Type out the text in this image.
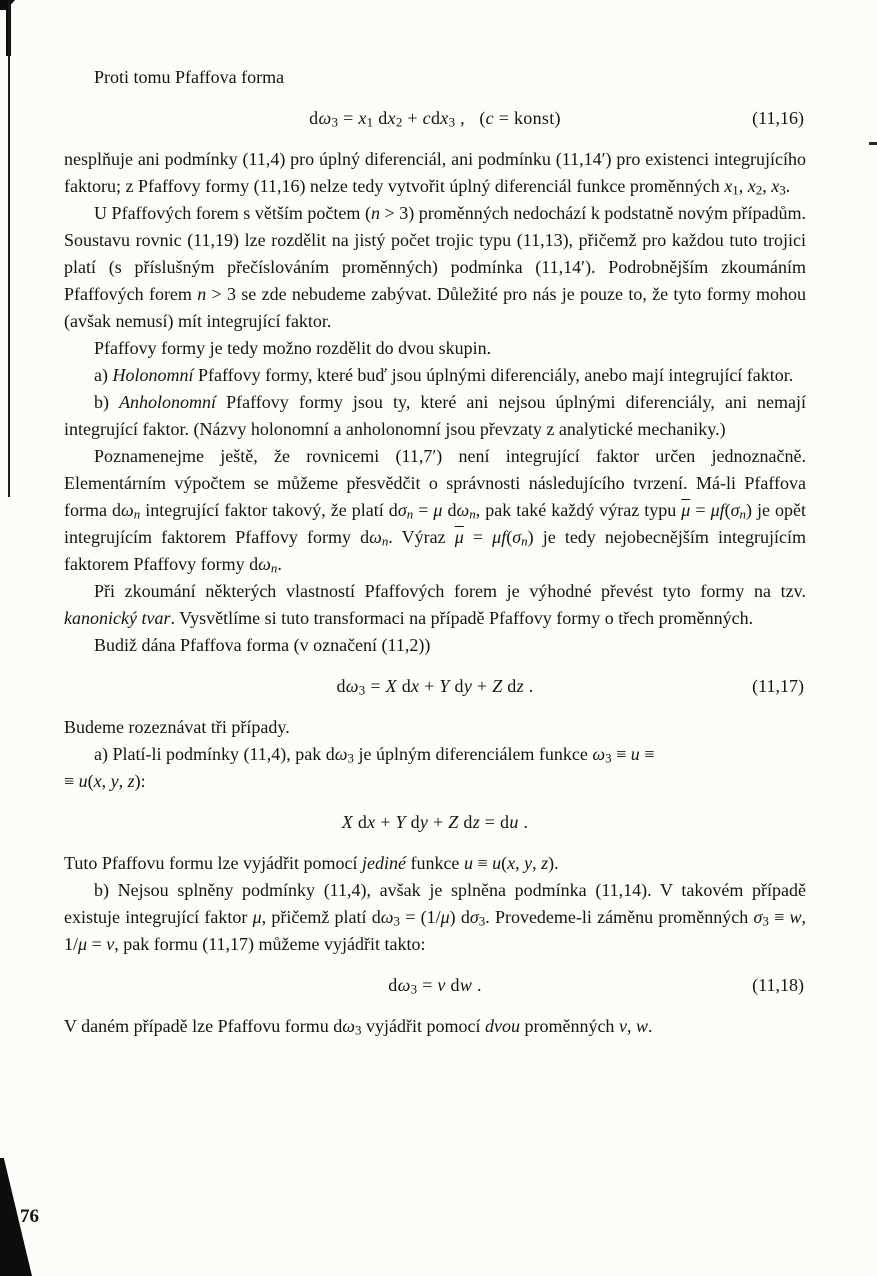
Proti tomu Pfaffova forma

$d\omega_3 = x_1$ $dx_2 + cdx_3$ ,   (c = konst)	(11,16)

nesplňuje ani podmínky (11,4) pro úplný diferenciál, ani podmínku (11,14′) pro existenci integrujícího faktoru; z Pfaffovy formy (11,16) nelze tedy vytvořit úplný diferenciál funkce proměnných $x_1$, $x_2$, $x_3$.

U Pfaffových forem s větším počtem (n > 3) proměnných nedochází k podstatně novým případům. Soustavu rovnic (11,19) lze rozdělit na jistý počet trojic typu (11,13), přičemž pro každou tuto trojici platí (s příslušným přečíslováním proměnných) podmínka (11,14′). Podrobnějším zkoumáním Pfaffových forem n > 3 se zde nebudeme zabývat. Důležité pro nás je pouze to, že tyto formy mohou (avšak nemusí) mít integrující faktor.

Pfaffovy formy je tedy možno rozdělit do dvou skupin.

a) Holonomní Pfaffovy formy, které buď jsou úplnými diferenciály, anebo mají integrující faktor.

b) Anholonomní Pfaffovy formy jsou ty, které ani nejsou úplnými diferenciály, ani nemají integrující faktor. (Názvy holonomní a anholonomní jsou převzaty z analytické mechaniky.)

Poznamenejme ještě, že rovnicemi (11,7′) není integrující faktor určen jednoznačně. Elementárním výpočtem se můžeme přesvědčit o správnosti následujícího tvrzení. Má-li Pfaffova forma $d\omega_n$ integrující faktor takový, že platí $d\sigma_n = \mu$ $d\omega_n$, pak také každý výraz typu $\overline{\mu} = \mu f(\sigma_n)$ je opět integrujícím faktorem Pfaffovy formy $d\omega_n$. Výraz $\overline{\mu} = \mu f(\sigma_n)$ je tedy nejobecnějším integrujícím faktorem Pfaffovy formy $d\omega_n$.

Při zkoumání některých vlastností Pfaffových forem je výhodné převést tyto formy na tzv. kanonický tvar. Vysvětlíme si tuto transformaci na případě Pfaffovy formy o třech proměnných.

Budiž dána Pfaffova forma (v označení (11,2))

$d\omega_3 = X$ dx + Y dy + Z dz .	(11,17)

Budeme rozeznávat tři případy.

a) Platí-li podmínky (11,4), pak $d\omega_3$ je úplným diferenciálem funkce $\omega_3 \equiv u$ ≡
≡ u(x, y, z):

X dx + Y dy + Z dz = du .

Tuto Pfaffovu formu lze vyjádřit pomocí jediné funkce u ≡ u(x, y, z).

b) Nejsou splněny podmínky (11,4), avšak je splněna podmínka (11,14). V takovém případě existuje integrující faktor μ, přičemž platí $d\omega_3 = (1/\mu)$ $d\sigma_3$. Provedeme-li záměnu proměnných $\sigma_3 \equiv w$, 1/μ = v, pak formu (11,17) můžeme vyjádřit takto:

$d\omega_3 = v$ dw .	(11,18)

V daném případě lze Pfaffovu formu $d\omega_3$ vyjádřit pomocí dvou proměnných v, w.

76
